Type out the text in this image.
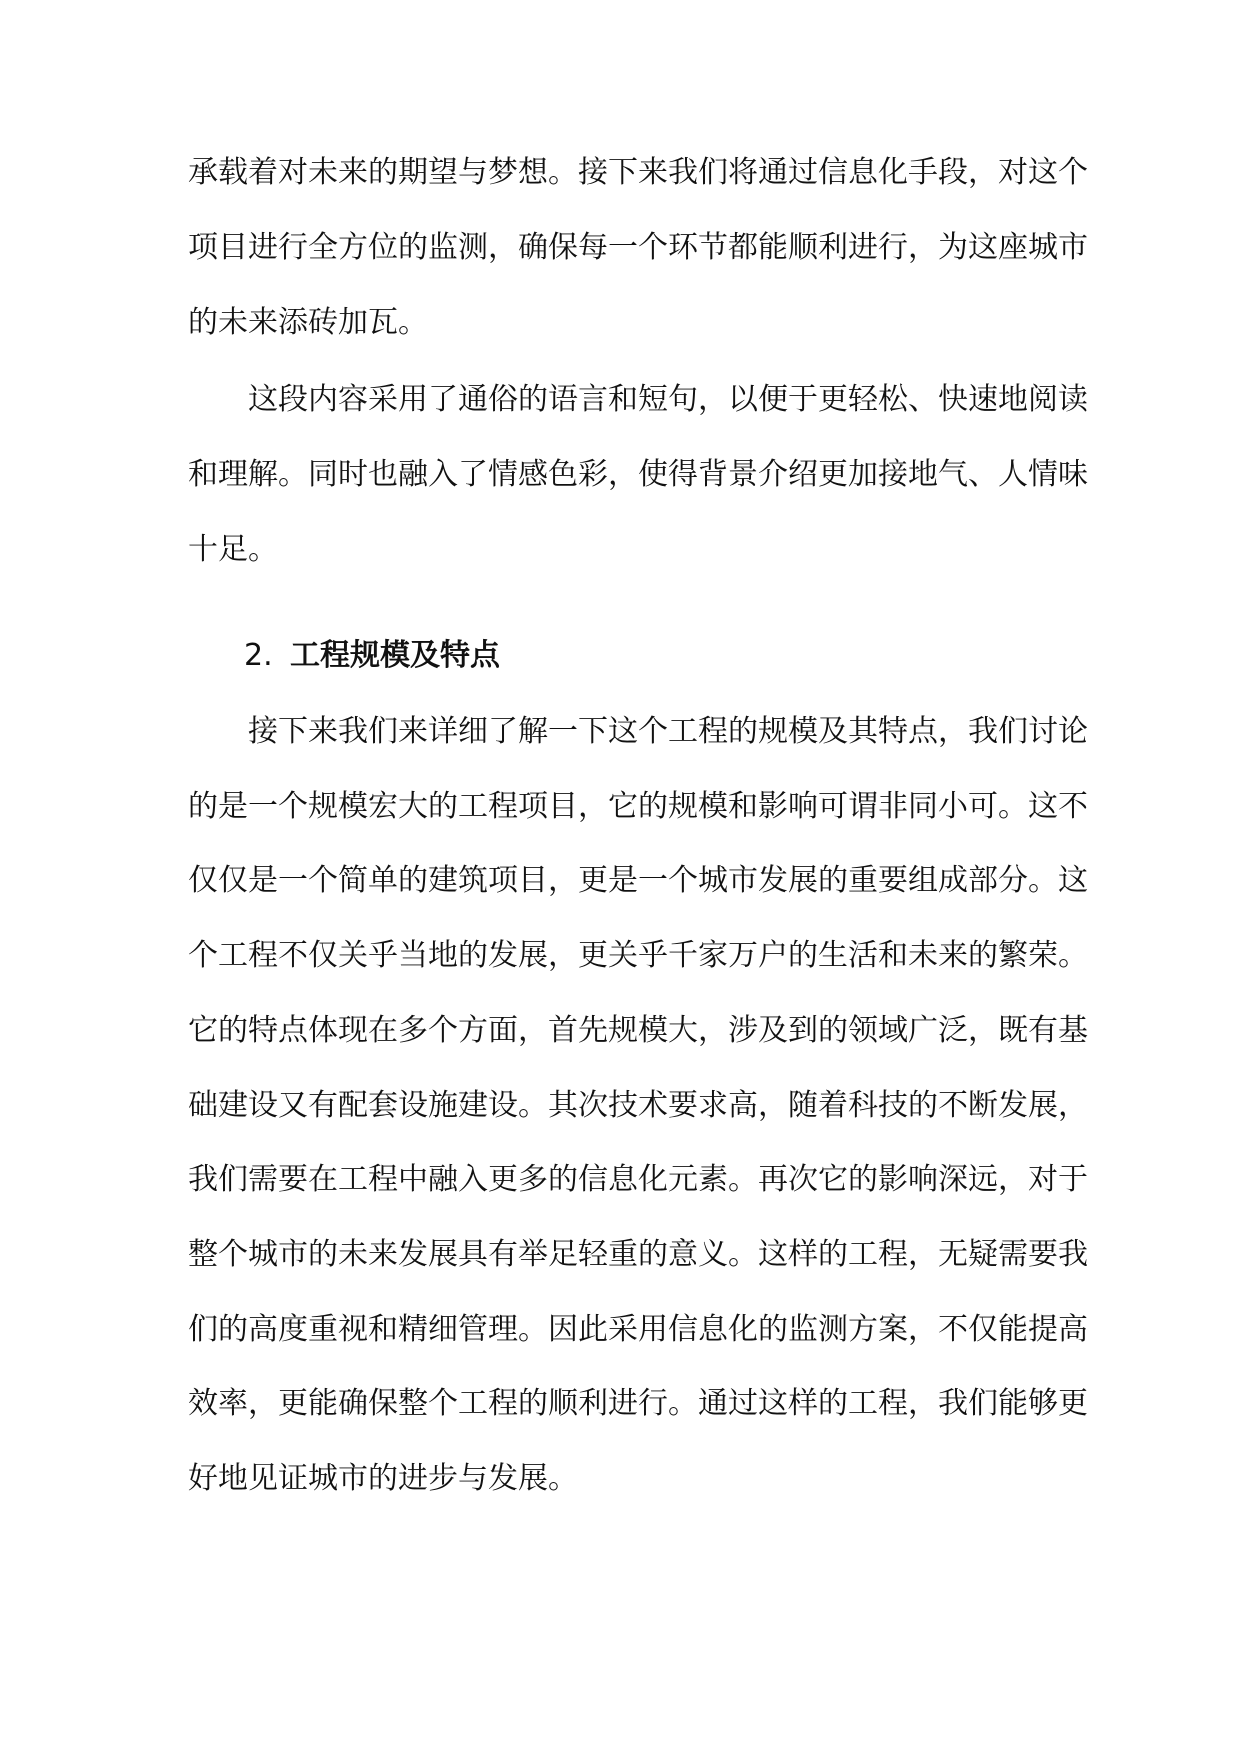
承载着对未来的期望与梦想。接下来我们将通过信息化手段，对这个

项目进行全方位的监测，确保每一个环节都能顺利进行，为这座城市

的未来添砖加瓦。

　　这段内容采用了通俗的语言和短句，以便于更轻松、快速地阅读

和理解。同时也融入了情感色彩，使得背景介绍更加接地气、人情味

十足。

2. 工程规模及特点

　　接下来我们来详细了解一下这个工程的规模及其特点，我们讨论

的是一个规模宏大的工程项目，它的规模和影响可谓非同小可。这不

仅仅是一个简单的建筑项目，更是一个城市发展的重要组成部分。这

个工程不仅关乎当地的发展，更关乎千家万户的生活和未来的繁荣。

它的特点体现在多个方面，首先规模大，涉及到的领域广泛，既有基

础建设又有配套设施建设。其次技术要求高，随着科技的不断发展，

我们需要在工程中融入更多的信息化元素。再次它的影响深远，对于

整个城市的未来发展具有举足轻重的意义。这样的工程，无疑需要我

们的高度重视和精细管理。因此采用信息化的监测方案，不仅能提高

效率，更能确保整个工程的顺利进行。通过这样的工程，我们能够更

好地见证城市的进步与发展。
